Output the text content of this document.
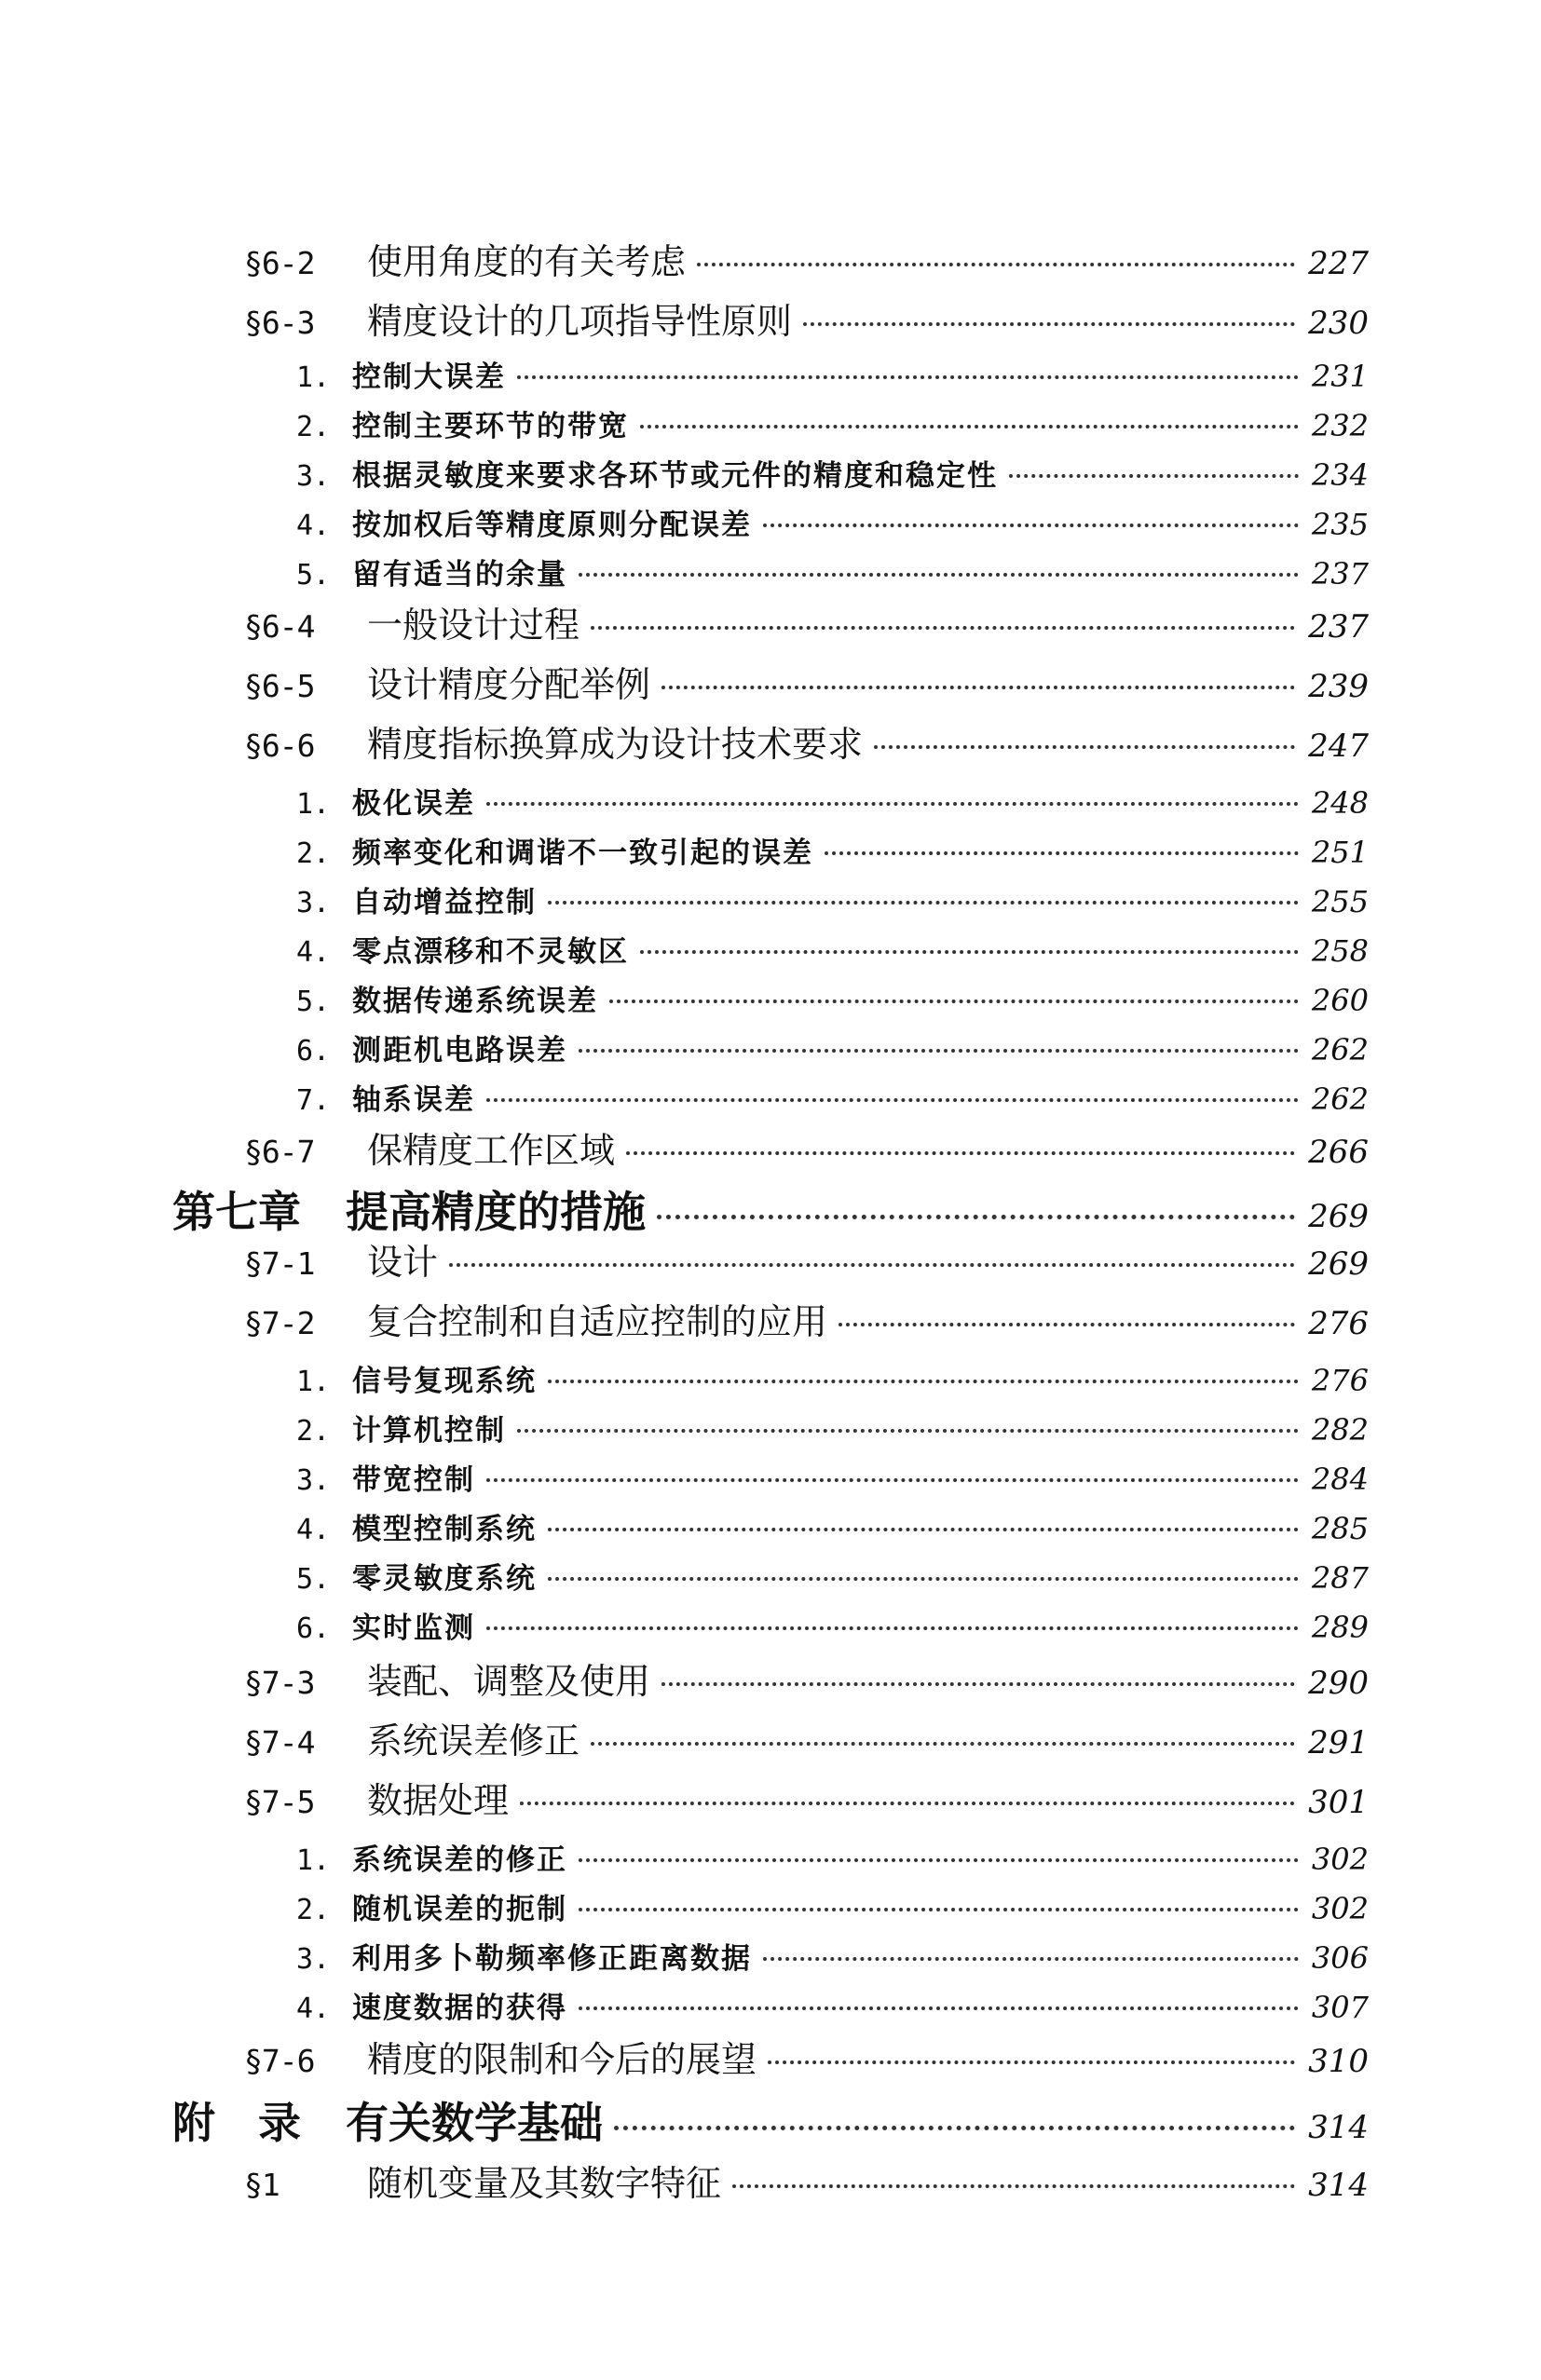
§6-2	使用角度的有关考虑	227
§6-3	精度设计的几项指导性原则	230
1. 控制大误差	231
2. 控制主要环节的带宽	232
3. 根据灵敏度来要求各环节或元件的精度和稳定性	234
4. 按加权后等精度原则分配误差	235
5. 留有适当的余量	237
§6-4	一般设计过程	237
§6-5	设计精度分配举例	239
§6-6	精度指标换算成为设计技术要求	247
1. 极化误差	248
2. 频率变化和调谐不一致引起的误差	251
3. 自动增益控制	255
4. 零点漂移和不灵敏区	258
5. 数据传递系统误差	260
6. 测距机电路误差	262
7. 轴系误差	262
§6-7	保精度工作区域	266
第七章	提高精度的措施	269
§7-1	设计	269
§7-2	复合控制和自适应控制的应用	276
1. 信号复现系统	276
2. 计算机控制	282
3. 带宽控制	284
4. 模型控制系统	285
5. 零灵敏度系统	287
6. 实时监测	289
§7-3	装配、调整及使用	290
§7-4	系统误差修正	291
§7-5	数据处理	301
1. 系统误差的修正	302
2. 随机误差的扼制	302
3. 利用多卜勒频率修正距离数据	306
4. 速度数据的获得	307
§7-6	精度的限制和今后的展望	310
附　录	有关数学基础	314
§1	随机变量及其数字特征	314
